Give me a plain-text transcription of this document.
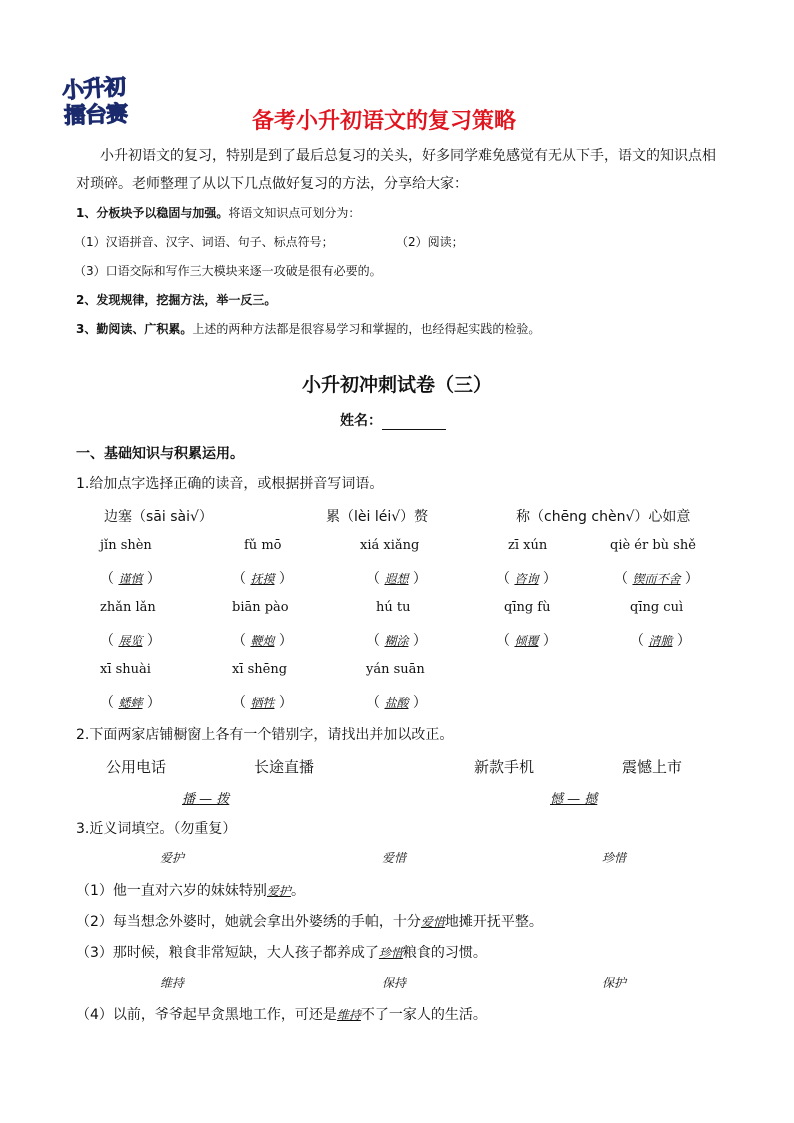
小升初
擂台赛	备考小升初语文的复习策略
小升初语文的复习，特别是到了最后总复习的关头，好多同学难免感觉有无从下手，语文的知识点相
对琐碎。老师整理了从以下几点做好复习的方法，分享给大家：
1、分板块予以稳固与加强。将语文知识点可划分为：
（1）汉语拼音、汉字、词语、句子、标点符号；	（2）阅读；
（3）口语交际和写作三大模块来逐一攻破是很有必要的。
2、发现规律，挖掘方法，举一反三。
3、勤阅读、广积累。上述的两种方法都是很容易学习和掌握的，也经得起实践的检验。
小升初冲刺试卷（三）
姓名：
一、基础知识与积累运用。
1.给加点字选择正确的读音，或根据拼音写词语。
边塞（sāi sài√）	累（lèi léi√）赘	称（chēng chèn√）心如意
jǐn shèn	fǔ mō	xiá xiǎng	zī xún	qiè ér bù shě
（ 谨慎 ）	（ 抚摸 ）	（ 遐想 ）	（ 咨询 ）	（ 锲而不舍 ）
zhǎn lǎn	biān pào	hú tu	qīng fù	qīng cuì
（ 展览 ）	（ 鞭炮 ）	（ 糊涂 ）	（ 倾覆 ）	（ 清脆 ）
xī shuài	xī shēng	yán suān
（ 蟋蟀 ）	（ 牺牲 ）	（ 盐酸 ）
2.下面两家店铺橱窗上各有一个错别字，请找出并加以改正。
公用电话	长途直播	新款手机	震憾上市
播 — 拨	憾 — 撼
3.近义词填空。（勿重复）
爱护	爱惜	珍惜
（1）他一直对六岁的妹妹特别爱护。
（2）每当想念外婆时，她就会拿出外婆绣的手帕，十分爱惜地摊开抚平整。
（3）那时候，粮食非常短缺，大人孩子都养成了珍惜粮食的习惯。
维持	保持	保护
（4）以前，爷爷起早贪黑地工作，可还是维持不了一家人的生活。
